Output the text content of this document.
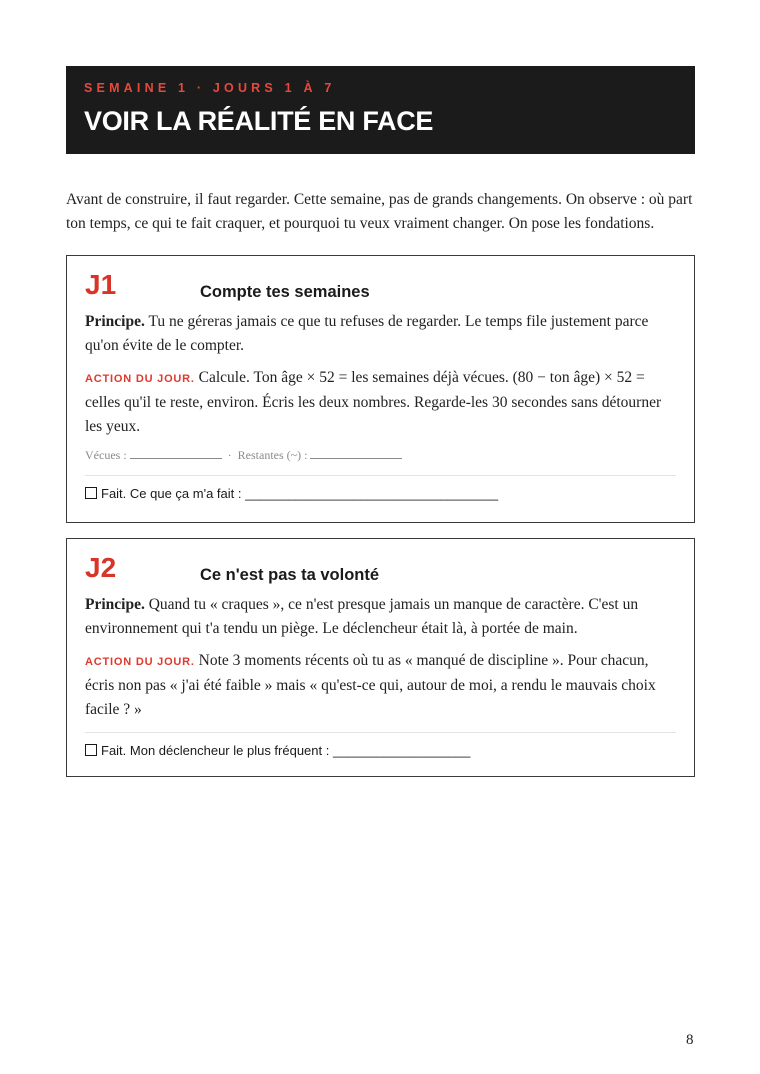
SEMAINE 1 · JOURS 1 À 7
VOIR LA RÉALITÉ EN FACE

Avant de construire, il faut regarder. Cette semaine, pas de grands changements. On observe : où part ton temps, ce qui te fait craquer, et pourquoi tu veux vraiment changer. On pose les fondations.

J1	Compte tes semaines

Principe. Tu ne géreras jamais ce que tu refuses de regarder. Le temps file justement parce qu'on évite de le compter.

ACTION DU JOUR. Calcule. Ton âge × 52 = les semaines déjà vécues. (80 − ton âge) × 52 = celles qu'il te reste, environ. Écris les deux nombres. Regarde-les 30 secondes sans détourner les yeux.

Vécues :	· Restantes (~) :
Fait. Ce que ça m'a fait : ___________________________________
J2	Ce n'est pas ta volonté

Principe. Quand tu « craques », ce n'est presque jamais un manque de caractère. C'est un environnement qui t'a tendu un piège. Le déclencheur était là, à portée de main.

ACTION DU JOUR. Note 3 moments récents où tu as « manqué de discipline ». Pour chacun, écris non pas « j'ai été faible » mais « qu'est-ce qui, autour de moi, a rendu le mauvais choix facile ? »

Fait. Mon déclencheur le plus fréquent : ___________________
8
